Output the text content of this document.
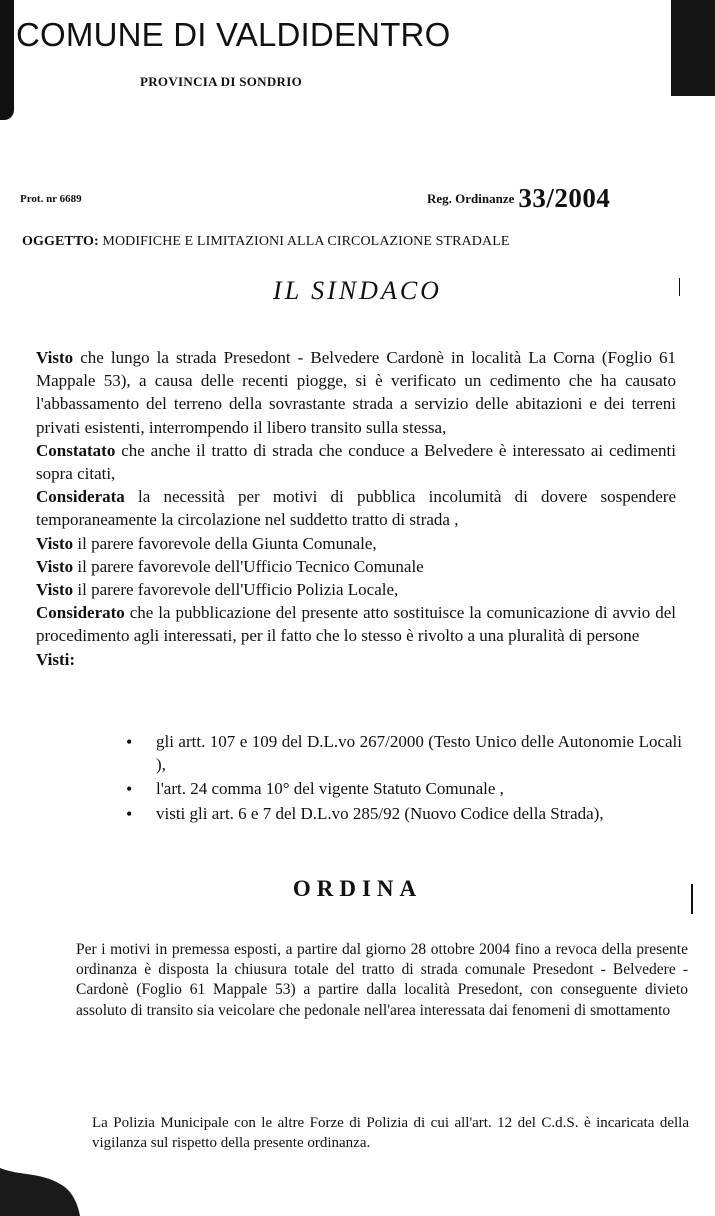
COMUNE DI VALDIDENTRO
PROVINCIA DI SONDRIO
Prot. nr 6689	$^{Reg. Ordinanze}$ 33/2004
OGGETTO: MODIFICHE E LIMITAZIONI ALLA CIRCOLAZIONE STRADALE
IL SINDACO

Visto che lungo la strada Presedont - Belvedere Cardonè in località La Corna (Foglio 61 Mappale 53), a causa delle recenti piogge, si è verificato un cedimento che ha causato l'abbassamento del terreno della sovrastante strada a servizio delle abitazioni e dei terreni privati esistenti, interrompendo il libero transito sulla stessa,

Constatato che anche il tratto di strada che conduce a Belvedere è interessato ai cedimenti sopra citati,

Considerata la necessità per motivi di pubblica incolumità di dovere sospendere temporaneamente la circolazione nel suddetto tratto di strada ,

Visto il parere favorevole della Giunta Comunale,

Visto il parere favorevole dell'Ufficio Tecnico Comunale

Visto il parere favorevole dell'Ufficio Polizia Locale,

Considerato che la pubblicazione del presente atto sostituisce la comunicazione di avvio del procedimento agli interessati, per il fatto che lo stesso è rivolto a una pluralità di persone

Visti:

• gli artt. 107 e 109 del D.L.vo 267/2000 (Testo Unico delle Autonomie Locali ),
• l'art. 24 comma 10° del vigente Statuto Comunale ,
• visti gli art. 6 e 7 del D.L.vo 285/92 (Nuovo Codice della Strada),
ORDINA

Per i motivi in premessa esposti, a partire dal giorno 28 ottobre 2004 fino a revoca della presente ordinanza è disposta la chiusura totale del tratto di strada comunale Presedont - Belvedere - Cardonè (Foglio 61 Mappale 53) a partire dalla località Presedont, con conseguente divieto assoluto di transito sia veicolare che pedonale nell'area interessata dai fenomeni di smottamento

La Polizia Municipale con le altre Forze di Polizia di cui all'art. 12 del C.d.S. è incaricata della vigilanza sul rispetto della presente ordinanza.
